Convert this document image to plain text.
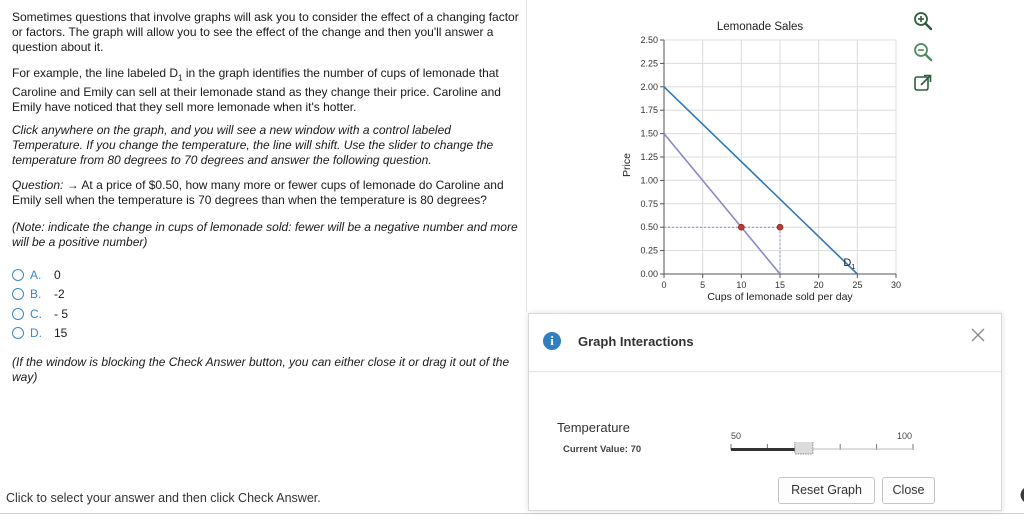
Sometimes questions that involve graphs will ask you to consider the effect of a changing factor or factors. The graph will allow you to see the effect of the change and then you'll answer a question about it.

For example, the line labeled $D_1$ in the graph identifies the number of cups of lemonade that Caroline and Emily can sell at their lemonade stand as they change their price. Caroline and Emily have noticed that they sell more lemonade when it's hotter.

Click anywhere on the graph, and you will see a new window with a control labeled Temperature. If you change the temperature, the line will shift. Use the slider to change the temperature from 80 degrees to 70 degrees and answer the following question.

Question: → At a price of $0.50, how many more or fewer cups of lemonade do Caroline and Emily sell when the temperature is 70 degrees than when the temperature is 80 degrees?

(Note: indicate the change in cups of lemonade sold: fewer will be a negative number and more will be a positive number)

A. 0
B. -2
C. - 5
D. 15

(If the window is blocking the Check Answer button, you can either close it or drag it out of the way)

Click to select your answer and then click Check Answer.
Lemonade Sales
0.00
0.25
0.50
0.75
1.00
1.25
1.50
1.75
2.00
2.25
2.50
0	5	10	15	20	25	30
$D_1$
Cups of lemonade sold per day
Price
i	Graph Interactions
Temperature
Current Value: 70
50	100
Reset Graph	Close
